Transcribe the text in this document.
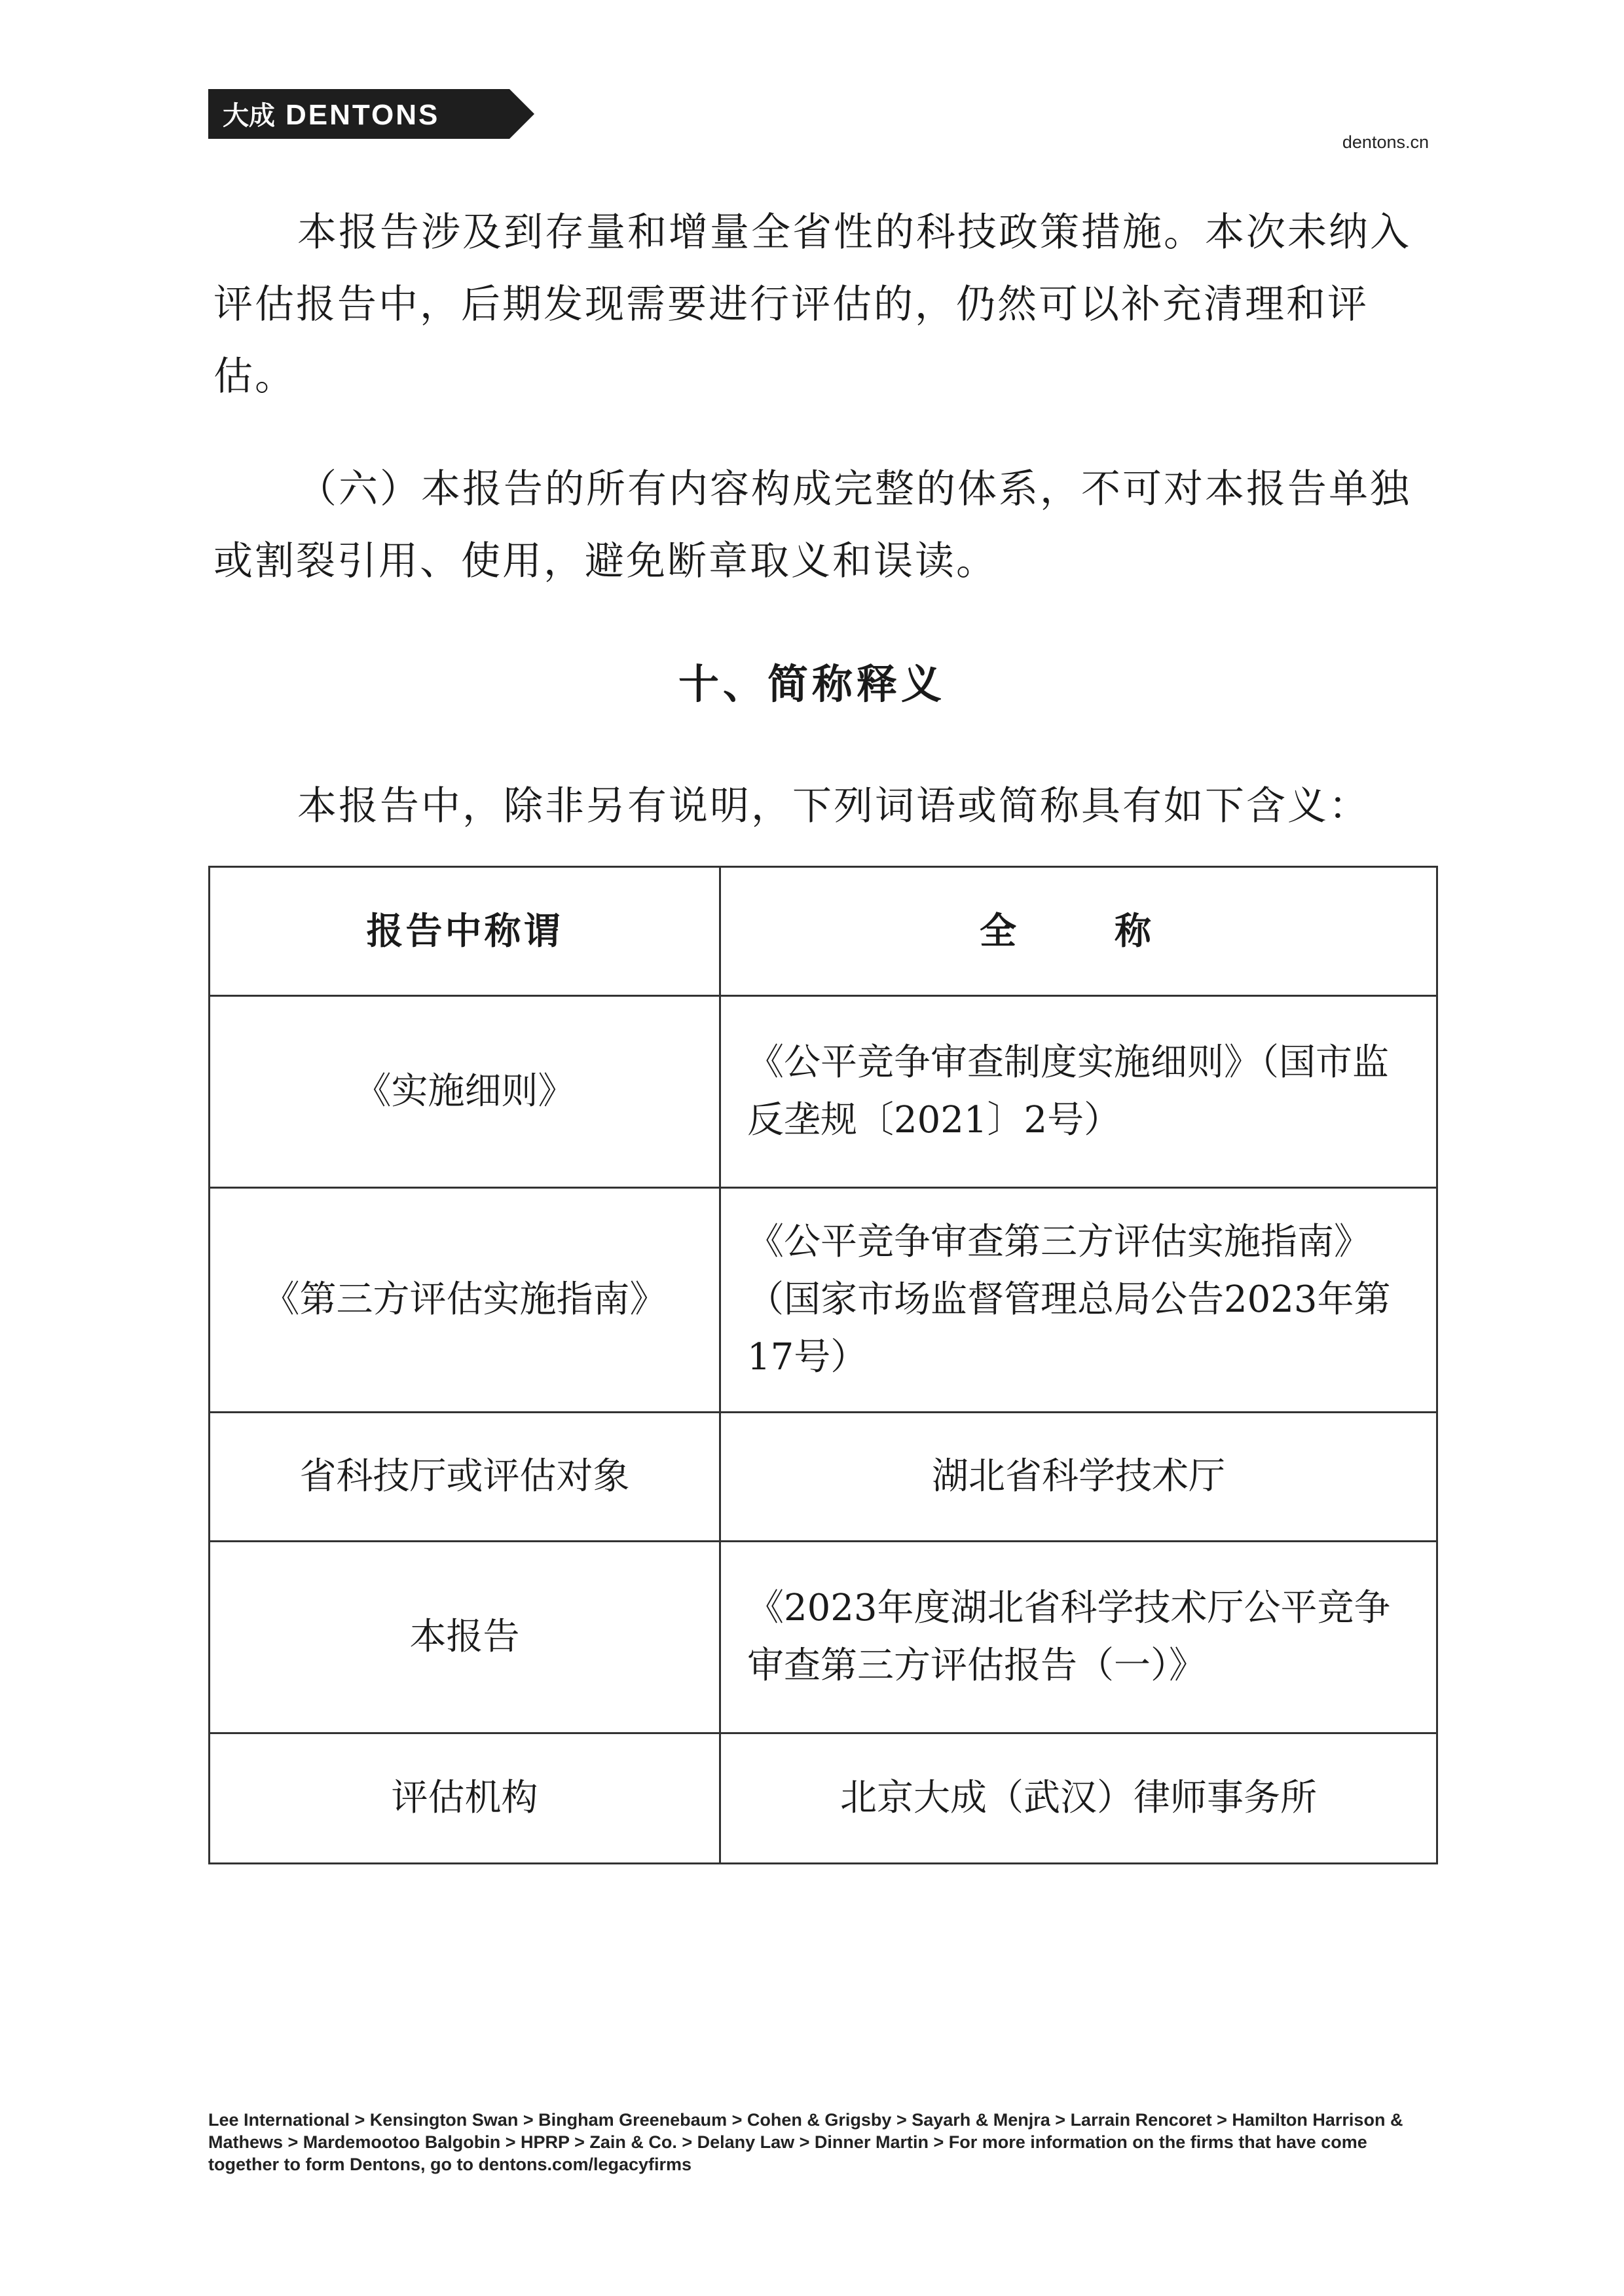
大成 DENTONS
dentons.cn

本报告涉及到存量和增量全省性的科技政策措施。本次未纳入评估报告中，后期发现需要进行评估的，仍然可以补充清理和评估。

（六）本报告的所有内容构成完整的体系，不可对本报告单独或割裂引用、使用，避免断章取义和误读。

十、简称释义
本报告中，除非另有说明，下列词语或简称具有如下含义：
报告中称谓	全称
《实施细则》	《公平竞争审查制度实施细则》（国市监反垄规〔2021〕2号）
《第三方评估实施指南》	《公平竞争审查第三方评估实施指南》（国家市场监督管理总局公告2023年第17号）
省科技厅或评估对象	湖北省科学技术厅
本报告	《2023年度湖北省科学技术厅公平竞争审查第三方评估报告（一）》
评估机构	北京大成（武汉）律师事务所
Lee International > Kensington Swan > Bingham Greenebaum > Cohen & Grigsby > Sayarh & Menjra > Larrain Rencoret > Hamilton Harrison & Mathews > Mardemootoo Balgobin > HPRP > Zain & Co. > Delany Law > Dinner Martin > For more information on the firms that have come together to form Dentons, go to dentons.com/legacyfirms
